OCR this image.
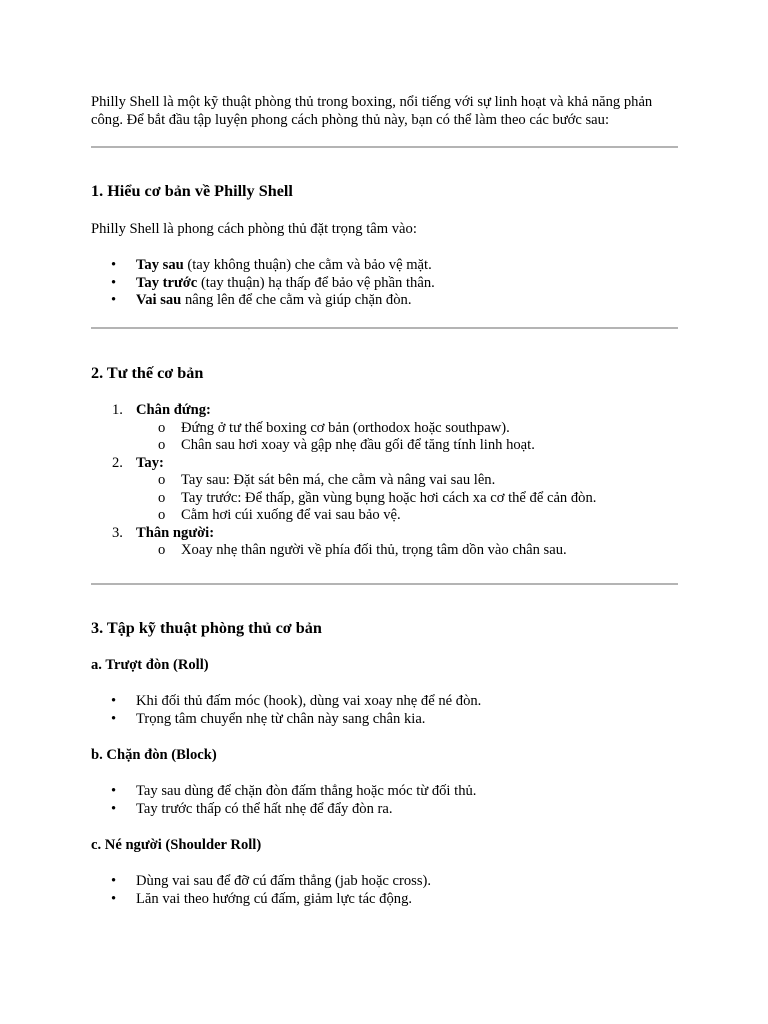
Philly Shell là một kỹ thuật phòng thủ trong boxing, nổi tiếng với sự linh hoạt và khả năng phản công. Để bắt đầu tập luyện phong cách phòng thủ này, bạn có thể làm theo các bước sau:

1. Hiểu cơ bản về Philly Shell

Philly Shell là phong cách phòng thủ đặt trọng tâm vào:

• Tay sau (tay không thuận) che cằm và bảo vệ mặt.
• Tay trước (tay thuận) hạ thấp để bảo vệ phần thân.
• Vai sau nâng lên để che cằm và giúp chặn đòn.
2. Tư thế cơ bản
1. Chân đứng:
o Đứng ở tư thế boxing cơ bản (orthodox hoặc southpaw).
o Chân sau hơi xoay và gập nhẹ đầu gối để tăng tính linh hoạt.
2. Tay:
o Tay sau: Đặt sát bên má, che cằm và nâng vai sau lên.
o Tay trước: Để thấp, gần vùng bụng hoặc hơi cách xa cơ thể để cản đòn.
o Cằm hơi cúi xuống để vai sau bảo vệ.
3. Thân người:
o Xoay nhẹ thân người về phía đối thủ, trọng tâm dồn vào chân sau.
3. Tập kỹ thuật phòng thủ cơ bản
a. Trượt đòn (Roll)
• Khi đối thủ đấm móc (hook), dùng vai xoay nhẹ để né đòn.
• Trọng tâm chuyển nhẹ từ chân này sang chân kia.
b. Chặn đòn (Block)
• Tay sau dùng để chặn đòn đấm thẳng hoặc móc từ đối thủ.
• Tay trước thấp có thể hất nhẹ để đẩy đòn ra.
c. Né người (Shoulder Roll)
• Dùng vai sau để đỡ cú đấm thẳng (jab hoặc cross).
• Lăn vai theo hướng cú đấm, giảm lực tác động.
